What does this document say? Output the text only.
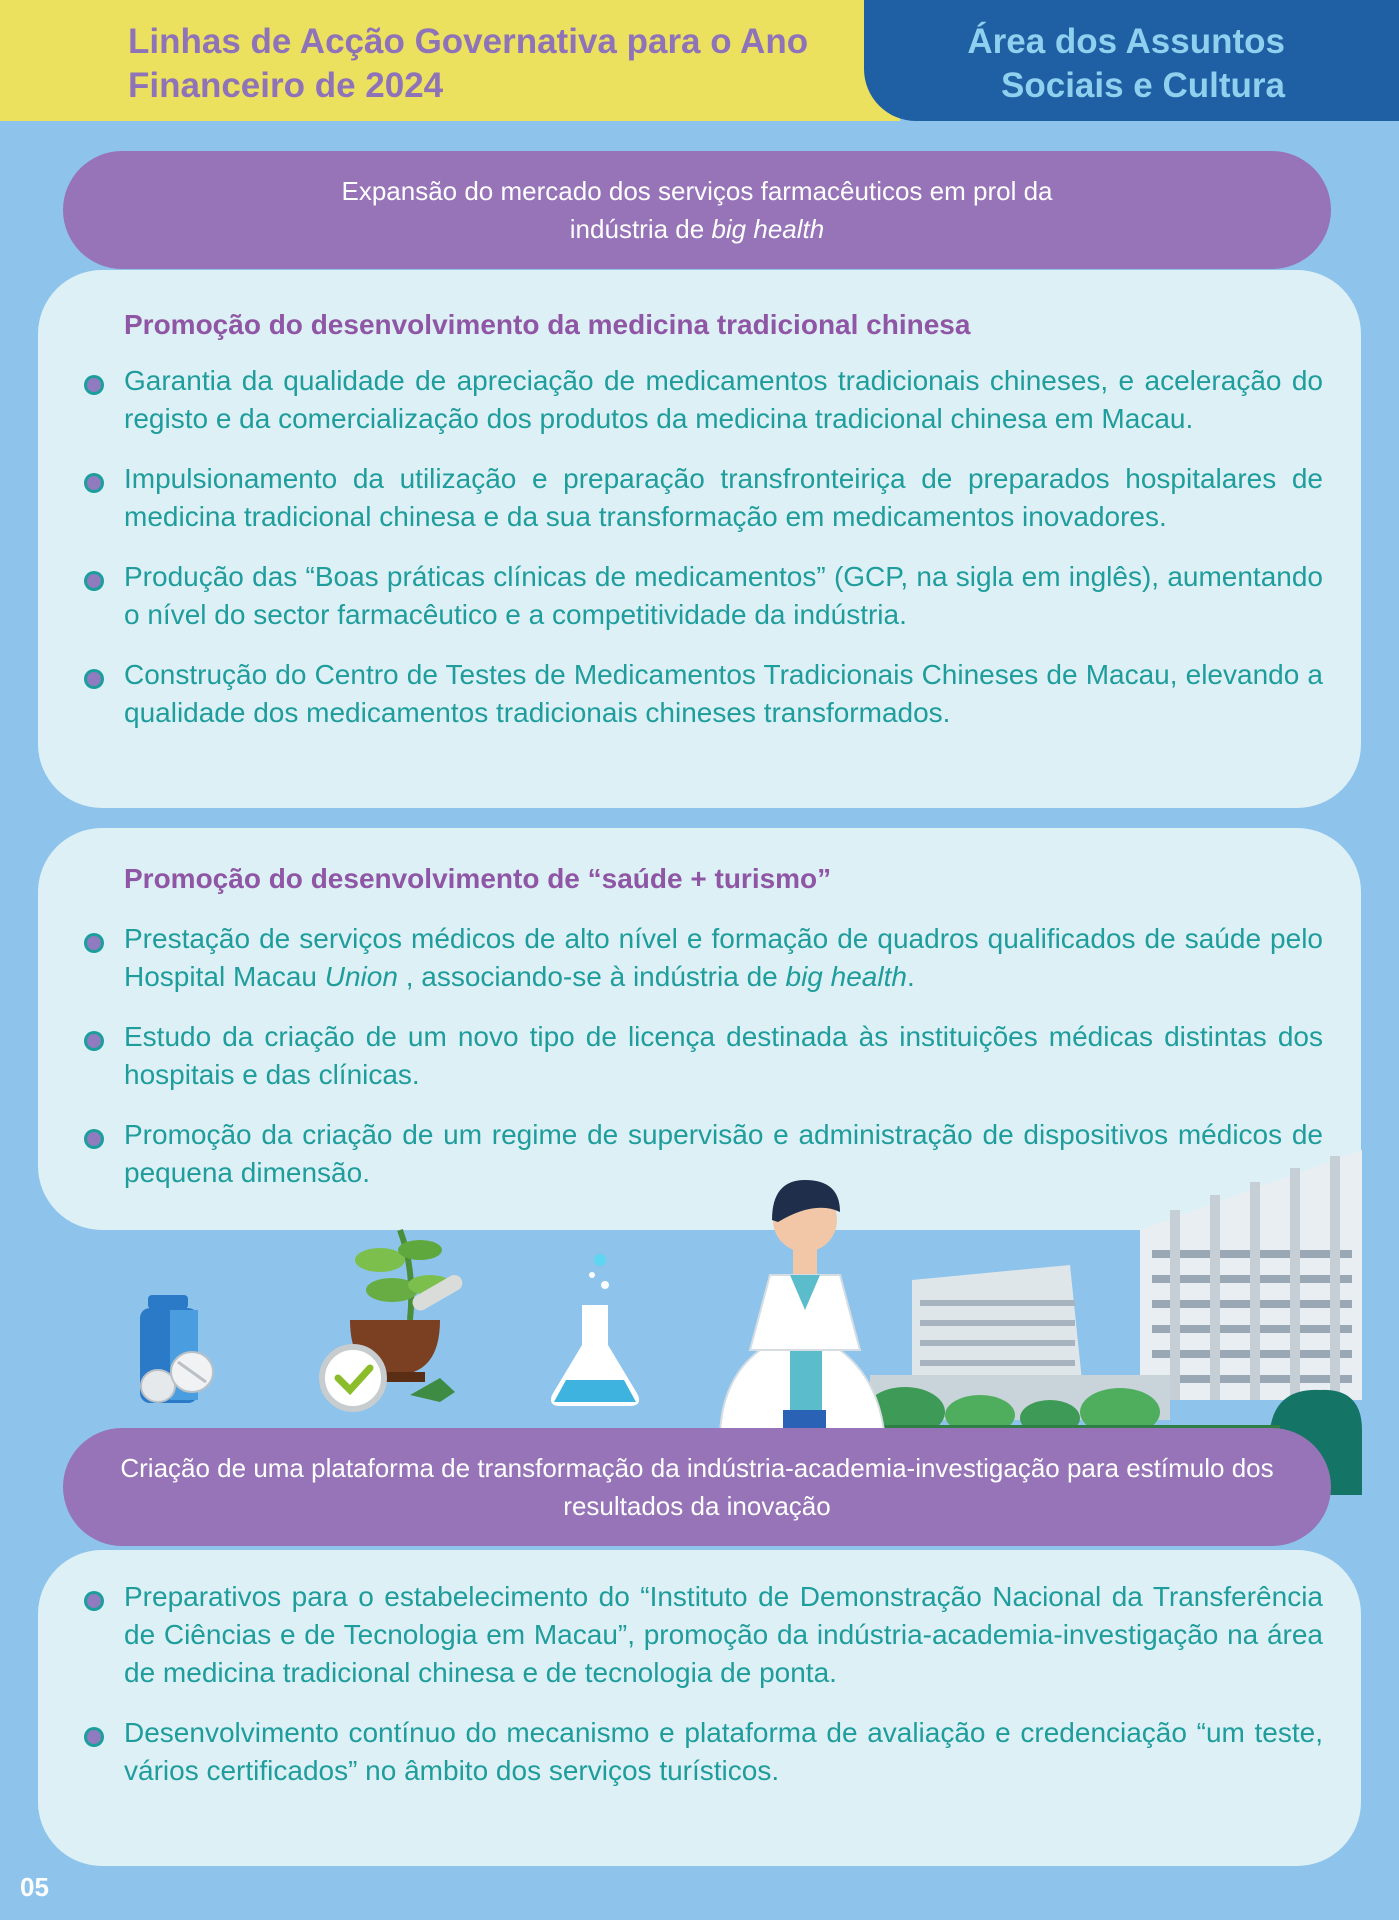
Linhas de Acção Governativa para o Ano Financeiro de 2024
Área dos Assuntos Sociais e Cultura
Expansão do mercado dos serviços farmacêuticos em prol da
indústria de big health
Promoção do desenvolvimento da medicina tradicional chinesa
Garantia da qualidade de apreciação de medicamentos tradicionais chineses, e aceleração do registo e da comercialização dos produtos da medicina tradicional chinesa em Macau.
Impulsionamento da utilização e preparação transfronteiriça de preparados hospitalares de medicina tradicional chinesa e da sua transformação em medicamentos inovadores.
Produção das “Boas práticas clínicas de medicamentos” (GCP, na sigla em inglês), aumentando o nível do sector farmacêutico e a competitividade da indústria.
Construção do Centro de Testes de Medicamentos Tradicionais Chineses de Macau, elevando a qualidade dos medicamentos tradicionais chineses transformados.
Promoção do desenvolvimento de “saúde + turismo”
Prestação de serviços médicos de alto nível e formação de quadros qualificados de saúde pelo Hospital Macau Union , associando-se à indústria de big health.
Estudo da criação de um novo tipo de licença destinada às instituições médicas distintas dos hospitais e das clínicas.
Promoção da criação de um regime de supervisão e administração de dispositivos médicos de pequena dimensão.
Criação de uma plataforma de transformação da indústria-academia-investigação para estímulo dos resultados da inovação
Preparativos para o estabelecimento do “Instituto de Demonstração Nacional da Transferência de Ciências e de Tecnologia em Macau”, promoção da indústria-academia-investigação na área de medicina tradicional chinesa e de tecnologia de ponta.
Desenvolvimento contínuo do mecanismo e plataforma de avaliação e credenciação “um teste, vários certificados” no âmbito dos serviços turísticos.
05
